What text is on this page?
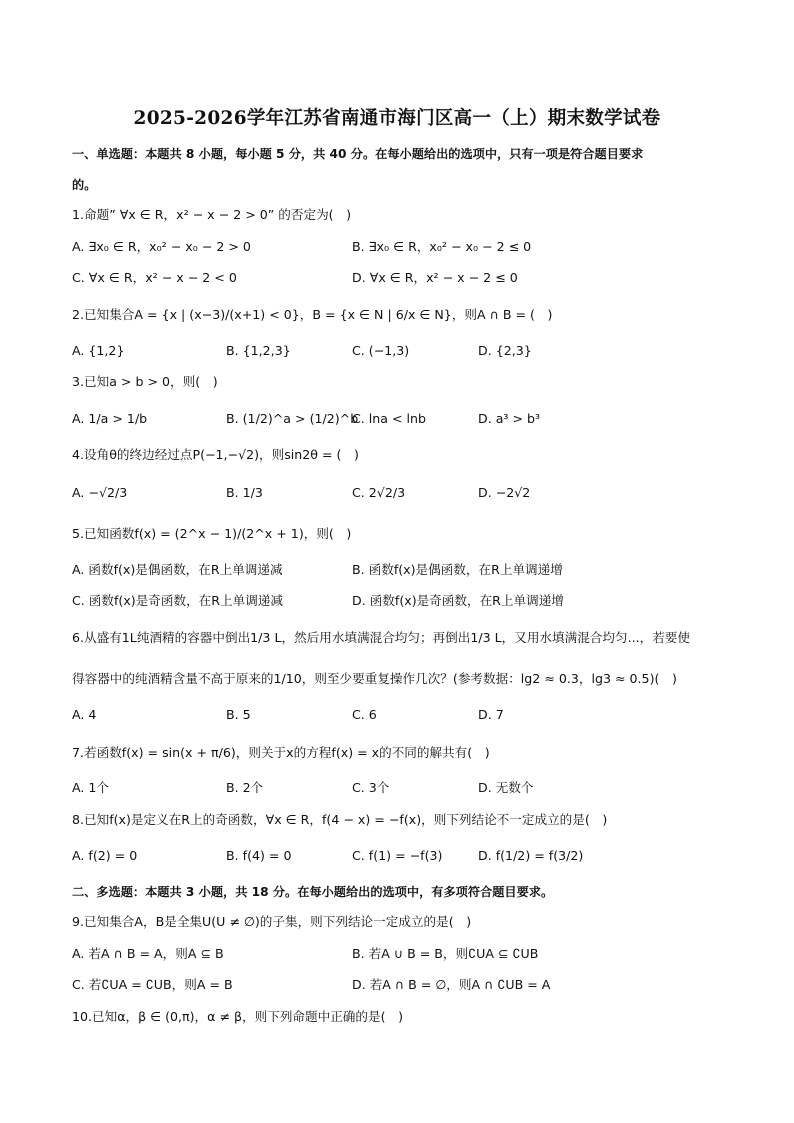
2025-2026学年江苏省南通市海门区高一（上）期末数学试卷
一、单选题：本题共 8 小题，每小题 5 分，共 40 分。在每小题给出的选项中，只有一项是符合题目要求
的。
1.命题” ∀x ∈ R，x² − x − 2 > 0” 的否定为(　)
A. ∃x₀ ∈ R，x₀² − x₀ − 2 > 0	B. ∃x₀ ∈ R，x₀² − x₀ − 2 ≤ 0
C. ∀x ∈ R，x² − x − 2 < 0	D. ∀x ∈ R，x² − x − 2 ≤ 0
2.已知集合A = {x | (x−3)/(x+1) < 0}，B = {x ∈ N | 6/x ∈ N}，则A ∩ B = (　)
A. {1,2}	B. {1,2,3}	C. (−1,3)	D. {2,3}
3.已知a > b > 0，则(　)
A. 1/a > 1/b	B. (1/2)^a > (1/2)^b
C. lna < lnb	D. a³ > b³
4.设角θ的终边经过点P(−1,−√2)，则sin2θ = (　)
A. −√2/3	B. 1/3	C. 2√2/3	D. −2√2
5.已知函数f(x) = (2^x − 1)/(2^x + 1)，则(　)
A. 函数f(x)是偶函数，在R上单调递减	B. 函数f(x)是偶函数，在R上单调递增
C. 函数f(x)是奇函数，在R上单调递减	D. 函数f(x)是奇函数，在R上单调递增
6.从盛有1L纯酒精的容器中倒出1/3 L，然后用水填满混合均匀；再倒出1/3 L，又用水填满混合均匀...，若要使
得容器中的纯酒精含量不高于原来的1/10，则至少要重复操作几次？(参考数据：lg2 ≈ 0.3，lg3 ≈ 0.5)(　)
A. 4	B. 5	C. 6	D. 7
7.若函数f(x) = sin(x + π/6)，则关于x的方程f(x) = x的不同的解共有(　)
A. 1个	B. 2个	C. 3个	D. 无数个
8.已知f(x)是定义在R上的奇函数，∀x ∈ R，f(4 − x) = −f(x)，则下列结论不一定成立的是(　)
A. f(2) = 0	B. f(4) = 0	C. f(1) = −f(3)	D. f(1/2) = f(3/2)
二、多选题：本题共 3 小题，共 18 分。在每小题给出的选项中，有多项符合题目要求。
9.已知集合A，B是全集U(U ≠ ∅)的子集，则下列结论一定成立的是(　)
A. 若A ∩ B = A，则A ⊆ B	B. 若A ∪ B = B，则∁UA ⊆ ∁UB
C. 若∁UA = ∁UB，则A = B	D. 若A ∩ B = ∅，则A ∩ ∁UB = A
10.已知α，β ∈ (0,π)，α ≠ β，则下列命题中正确的是(　)
